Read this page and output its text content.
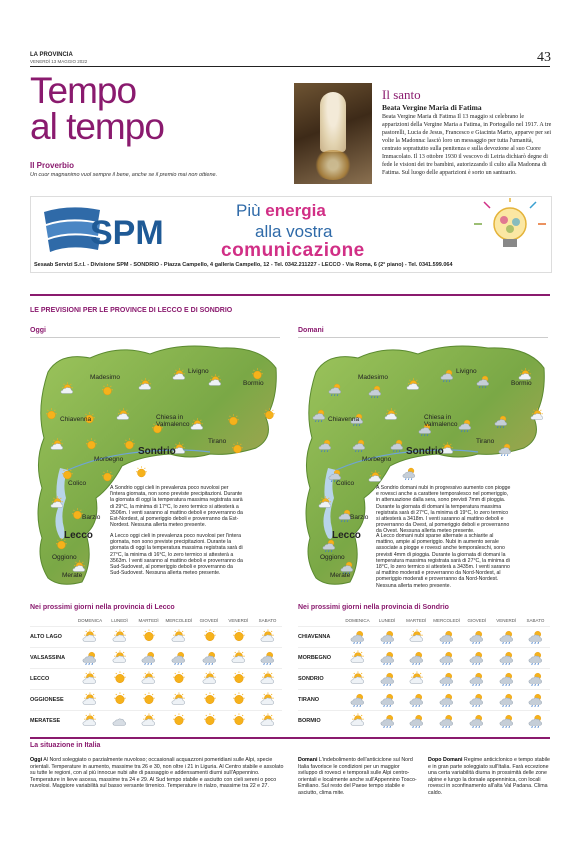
LA PROVINCIA
VENERDÌ 13 MAGGIO 2022	43
Tempo
al tempo
Il Proverbio
Un cuor magnanimo vuol sempre il bene, anche se il premio mai non ottiene.
Il santo
Beata Vergine Maria di Fatima
Beata Vergine Maria di Fatima Il 13 maggio si celebrano le apparizioni della Vergine Maria a Fatima, in Portogallo nel 1917. A tre pastorelli, Lucia de Jesus, Francesco e Giacinta Marto, apparve per sei volte la Madonna: lasciò loro un messaggio per tutta l'umanità, centrato soprattutto sulla penitenza e sulla devozione al suo Cuore Immacolato. Il 13 ottobre 1930 il vescovo di Leiria dichiarò degne di fede le visioni dei tre bambini, autorizzando il culto alla Madonna di Fatima. Sul luogo delle apparizioni è sorto un santuario.
SPM
Più energia
alla vostra
comunicazione
Sesaab Servizi S.r.l. - Divisione SPM - SONDRIO - Piazza Campello, 4 galleria Campello, 12 - Tel. 0342.211227 - LECCO - Via Roma, 6 (2° piano) - Tel. 0341.599.064
LE PREVISIONI PER LE PROVINCE DI LECCO E DI SONDRIO
Oggi
Madesimo
Livigno
Bormio
Chiavenna	Chiesa in Valmalenco
Sondrio
Tirano
Morbegno
Colico
Barzio
Lecco
Oggiono
Merate
A Sondrio oggi cieli in prevalenza poco nuvolosi per l'intera giornata, non sono previste precipitazioni. Durante la giornata di oggi la temperatura massima registrata sarà di 29°C, la minima di 17°C, lo zero termico si attesterà a 3506m. I venti saranno al mattino deboli e proverranno da Est-Nordest, al pomeriggio deboli e proverranno da Est-Nordest. Nessuna allerta meteo presente.
A Lecco oggi cieli in prevalenza poco nuvolosi per l'intera giornata, non sono previste precipitazioni. Durante la giornata di oggi la temperatura massima registrata sarà di 27°C, la minima di 16°C, lo zero termico si attesterà a 3563m. I venti saranno al mattino deboli e proverranno da Sud-Sudovest, al pomeriggio deboli e proverranno da Sud-Sudovest. Nessuna allerta meteo presente.
Domani
Madesimo
Livigno
Bormio
Chiavenna	Chiesa in Valmalenco
Sondrio
Tirano
Morbegno
Colico
Barzio
Lecco
Oggiono
Merate
A Sondrio domani nubi in progressivo aumento con piogge e rovesci anche a carattere temporalesco nel pomeriggio, in attenuazione dalla sera, sono previsti 7mm di pioggia. Durante la giornata di domani la temperatura massima registrata sarà di 27°C, la minima di 19°C, lo zero termico si attesterà a 3418m. I venti saranno al mattino deboli e proverranno da Ovest, al pomeriggio deboli e proverranno da Ovest. Nessuna allerta meteo presente.
A Lecco domani nubi sparse alternate a schiarite al mattino, ampie al pomeriggio. Nubi in aumento serale associate a piogge e rovesci anche temporaleschi, sono previsti 4mm di pioggia. Durante la giornata di domani la temperatura massima registrata sarà di 27°C, la minima di 18°C, lo zero termico si attesterà a 3435m. I venti saranno al mattino moderati e proverranno da Nord-Nordest, al pomeriggio moderati e proverranno da Nord-Nordest. Nessuna allerta meteo presente.
Nei prossimi giorni nella provincia di Lecco
	DOMENICA	LUNEDÌ	MARTEDÌ	MERCOLEDÌ	GIOVEDÌ	VENERDÌ	SABATO
ALTO LAGO							
VALSASSINA							
LECCO							
OGGIONESE							
MERATESE							
Nei prossimi giorni nella provincia di Sondrio
	DOMENICA	LUNEDÌ	MARTEDÌ	MERCOLEDÌ	GIOVEDÌ	VENERDÌ	SABATO
CHIAVENNA							
MORBEGNO							
SONDRIO							
TIRANO							
BORMIO							
La situazione in Italia
Oggi Al Nord soleggiato o parzialmente nuvoloso; occasionali acquazzoni pomeridiani sulle Alpi, specie orientali. Temperature in aumento, massime tra 26 e 30, non oltre i 21 in Liguria. Al Centro stabile e assolato su tutte le regioni, con al più innocue nubi alte di passaggio e addensamenti diurni sull'Appennino. Temperature in lieve ascesa, massime tra 24 e 29. Al Sud tempo stabile e asciutto con cieli sereni o poco nuvolosi. Maggiore variabilità sul basso versante tirrenico. Temperature in rialzo, massime tra 22 e 27.
Domani L'indebolimento dell'anticiclone sul Nord Italia favorisce le condizioni per un maggior sviluppo di rovesci e temporali sulle Alpi centro-orientali e localmente anche sull'Appennino Tosco-Emiliano. Sul resto del Paese tempo stabile e asciutto, clima mite.
Dopo Domani Regime anticiclonico e tempo stabile e in gran parte soleggiato sull'Italia. Farà eccezione una certa variabilità diurna in prossimità delle zone alpine e lungo la dorsale appenninica, con locali rovesci in sconfinamento all'alta Val Padana. Clima caldo.
